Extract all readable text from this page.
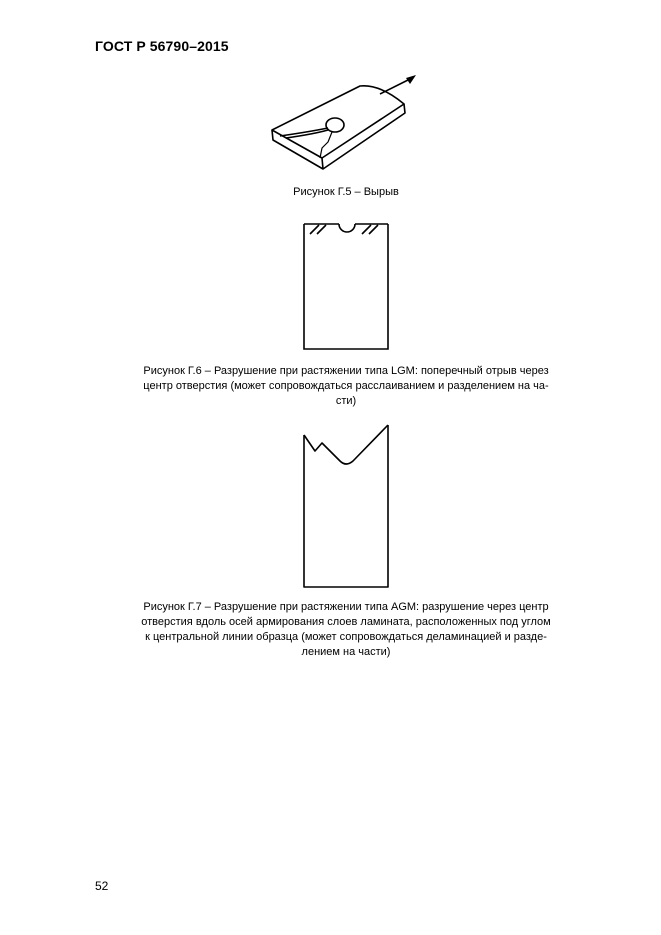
ГОСТ Р 56790–2015
Рисунок Г.5 – Вырыв
Рисунок Г.6 – Разрушение при растяжении типа LGM: поперечный отрыв через
центр отверстия (может сопровождаться расслаиванием и разделением на ча-
сти)
Рисунок Г.7 – Разрушение при растяжении типа AGM: разрушение через центр
отверстия вдоль осей армирования слоев ламината, расположенных под углом
к центральной линии образца (может сопровождаться деламинацией и разде-
лением на части)
52
